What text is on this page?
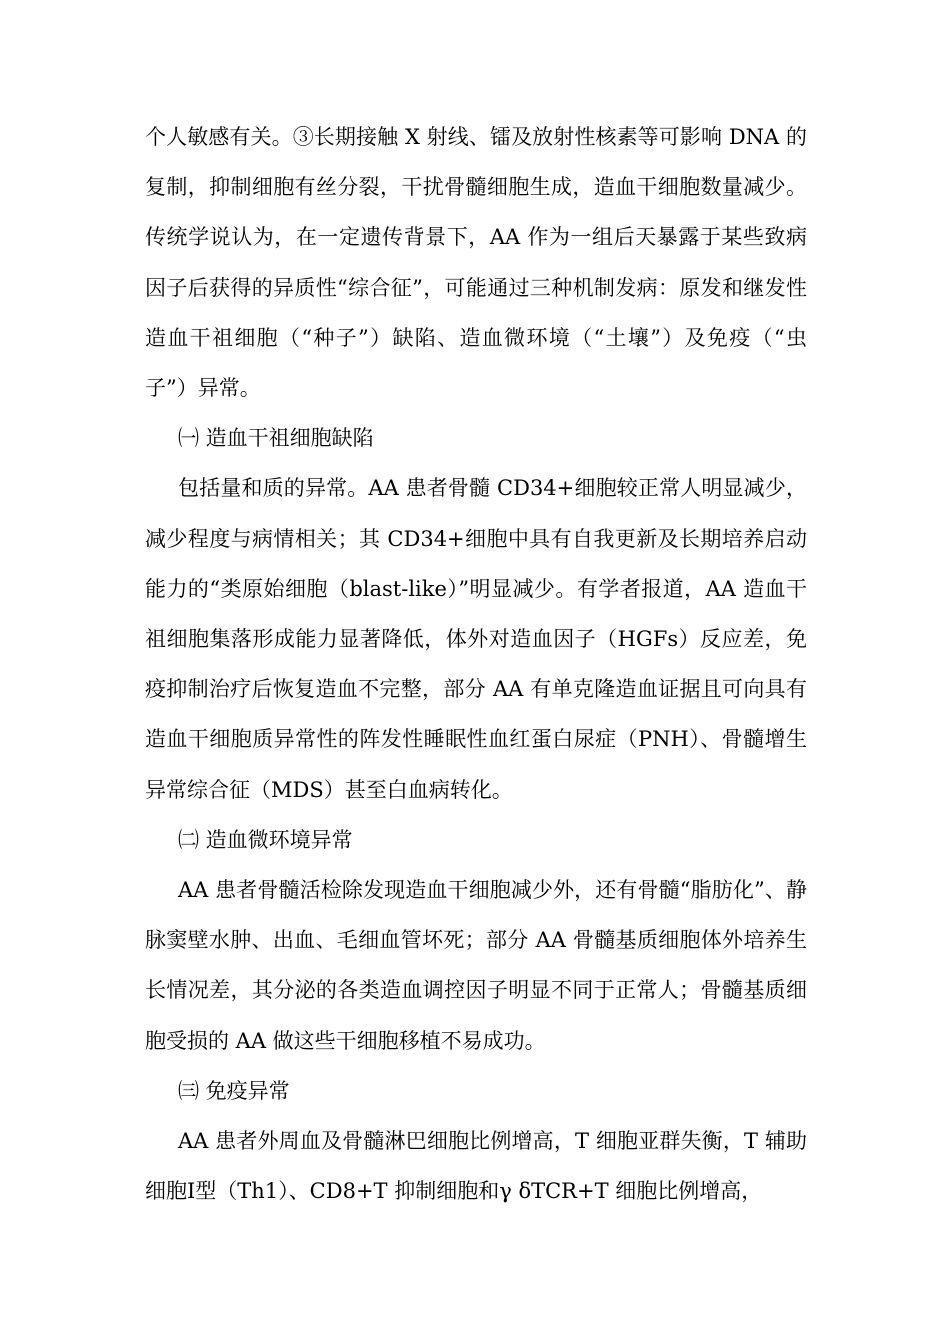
个人敏感有关。③长期接触 X 射线、镭及放射性核素等可影响 DNA 的复制，抑制细胞有丝分裂，干扰骨髓细胞生成，造血干细胞数量减少。传统学说认为，在一定遗传背景下，AA 作为一组后天暴露于某些致病因子后获得的异质性“综合征”，可能通过三种机制发病：原发和继发性造血干祖细胞（“种子”）缺陷、造血微环境（“土壤”）及免疫（“虫子”）异常。

㈠ 造血干祖细胞缺陷

包括量和质的异常。AA 患者骨髓 CD34+细胞较正常人明显减少，减少程度与病情相关；其 CD34+细胞中具有自我更新及长期培养启动能力的“类原始细胞（blast-like）”明显减少。有学者报道，AA 造血干祖细胞集落形成能力显著降低，体外对造血因子（HGFs）反应差，免疫抑制治疗后恢复造血不完整，部分 AA 有单克隆造血证据且可向具有造血干细胞质异常性的阵发性睡眠性血红蛋白尿症（PNH）、骨髓增生异常综合征（MDS）甚至白血病转化。

㈡ 造血微环境异常

AA 患者骨髓活检除发现造血干细胞减少外，还有骨髓“脂肪化”、静脉窦壁水肿、出血、毛细血管坏死；部分 AA 骨髓基质细胞体外培养生长情况差，其分泌的各类造血调控因子明显不同于正常人；骨髓基质细胞受损的 AA 做这些干细胞移植不易成功。

㈢ 免疫异常

AA 患者外周血及骨髓淋巴细胞比例增高，T 细胞亚群失衡，T 辅助细胞Ⅰ型（Th1）、CD8+T 抑制细胞和γ δTCR+T 细胞比例增高，
